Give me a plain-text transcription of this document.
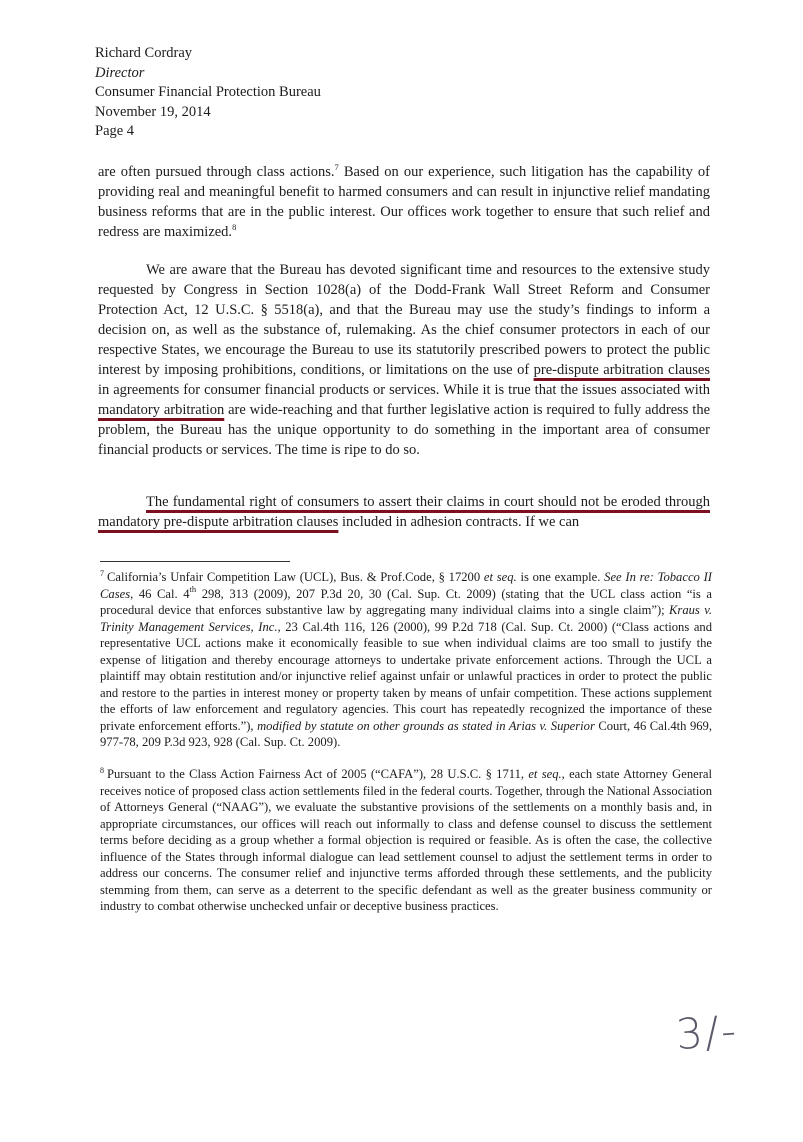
Richard Cordray
Director
Consumer Financial Protection Bureau
November 19, 2014
Page 4

are often pursued through class actions.$^7$ Based on our experience, such litigation has the capability of providing real and meaningful benefit to harmed consumers and can result in injunctive relief mandating business reforms that are in the public interest. Our offices work together to ensure that such relief and redress are maximized.$^8$

We are aware that the Bureau has devoted significant time and resources to the extensive study requested by Congress in Section 1028(a) of the Dodd-Frank Wall Street Reform and Consumer Protection Act, 12 U.S.C. § 5518(a), and that the Bureau may use the study’s findings to inform a decision on, as well as the substance of, rulemaking. As the chief consumer protectors in each of our respective States, we encourage the Bureau to use its statutorily prescribed powers to protect the public interest by imposing prohibitions, conditions, or limitations on the use of pre-dispute arbitration clauses in agreements for consumer financial products or services. While it is true that the issues associated with mandatory arbitration are wide-reaching and that further legislative action is required to fully address the problem, the Bureau has the unique opportunity to do something in the important area of consumer financial products or services. The time is ripe to do so.

The fundamental right of consumers to assert their claims in court should not be eroded through mandatory pre-dispute arbitration clauses included in adhesion contracts. If we can

$^7$ California’s Unfair Competition Law (UCL), Bus. & Prof.Code, § 17200 et seq. is one example. See In re: Tobacco II Cases, 46 Cal. 4th 298, 313 (2009), 207 P.3d 20, 30 (Cal. Sup. Ct. 2009) (stating that the UCL class action “is a procedural device that enforces substantive law by aggregating many individual claims into a single claim”); Kraus v. Trinity Management Services, Inc., 23 Cal.4th 116, 126 (2000), 99 P.2d 718 (Cal. Sup. Ct. 2000) (“Class actions and representative UCL actions make it economically feasible to sue when individual claims are too small to justify the expense of litigation and thereby encourage attorneys to undertake private enforcement actions. Through the UCL a plaintiff may obtain restitution and/or injunctive relief against unfair or unlawful practices in order to protect the public and restore to the parties in interest money or property taken by means of unfair competition. These actions supplement the efforts of law enforcement and regulatory agencies. This court has repeatedly recognized the importance of these private enforcement efforts.”), modified by statute on other grounds as stated in Arias v. Superior Court, 46 Cal.4th 969, 977-78, 209 P.3d 923, 928 (Cal. Sup. Ct. 2009).

$^8$ Pursuant to the Class Action Fairness Act of 2005 (“CAFA”), 28 U.S.C. § 1711, et seq., each state Attorney General receives notice of proposed class action settlements filed in the federal courts. Together, through the National Association of Attorneys General (“NAAG”), we evaluate the substantive provisions of the settlements on a monthly basis and, in appropriate circumstances, our offices will reach out informally to class and defense counsel to discuss the settlement terms before deciding as a group whether a formal objection is required or feasible. As is often the case, the collective influence of the States through informal dialogue can lead settlement counsel to adjust the settlement terms in order to address our concerns. The consumer relief and injunctive terms afforded through these settlements, and the publicity stemming from them, can serve as a deterrent to the specific defendant as well as the greater business community or industry to combat otherwise unchecked unfair or deceptive business practices.

3/-
